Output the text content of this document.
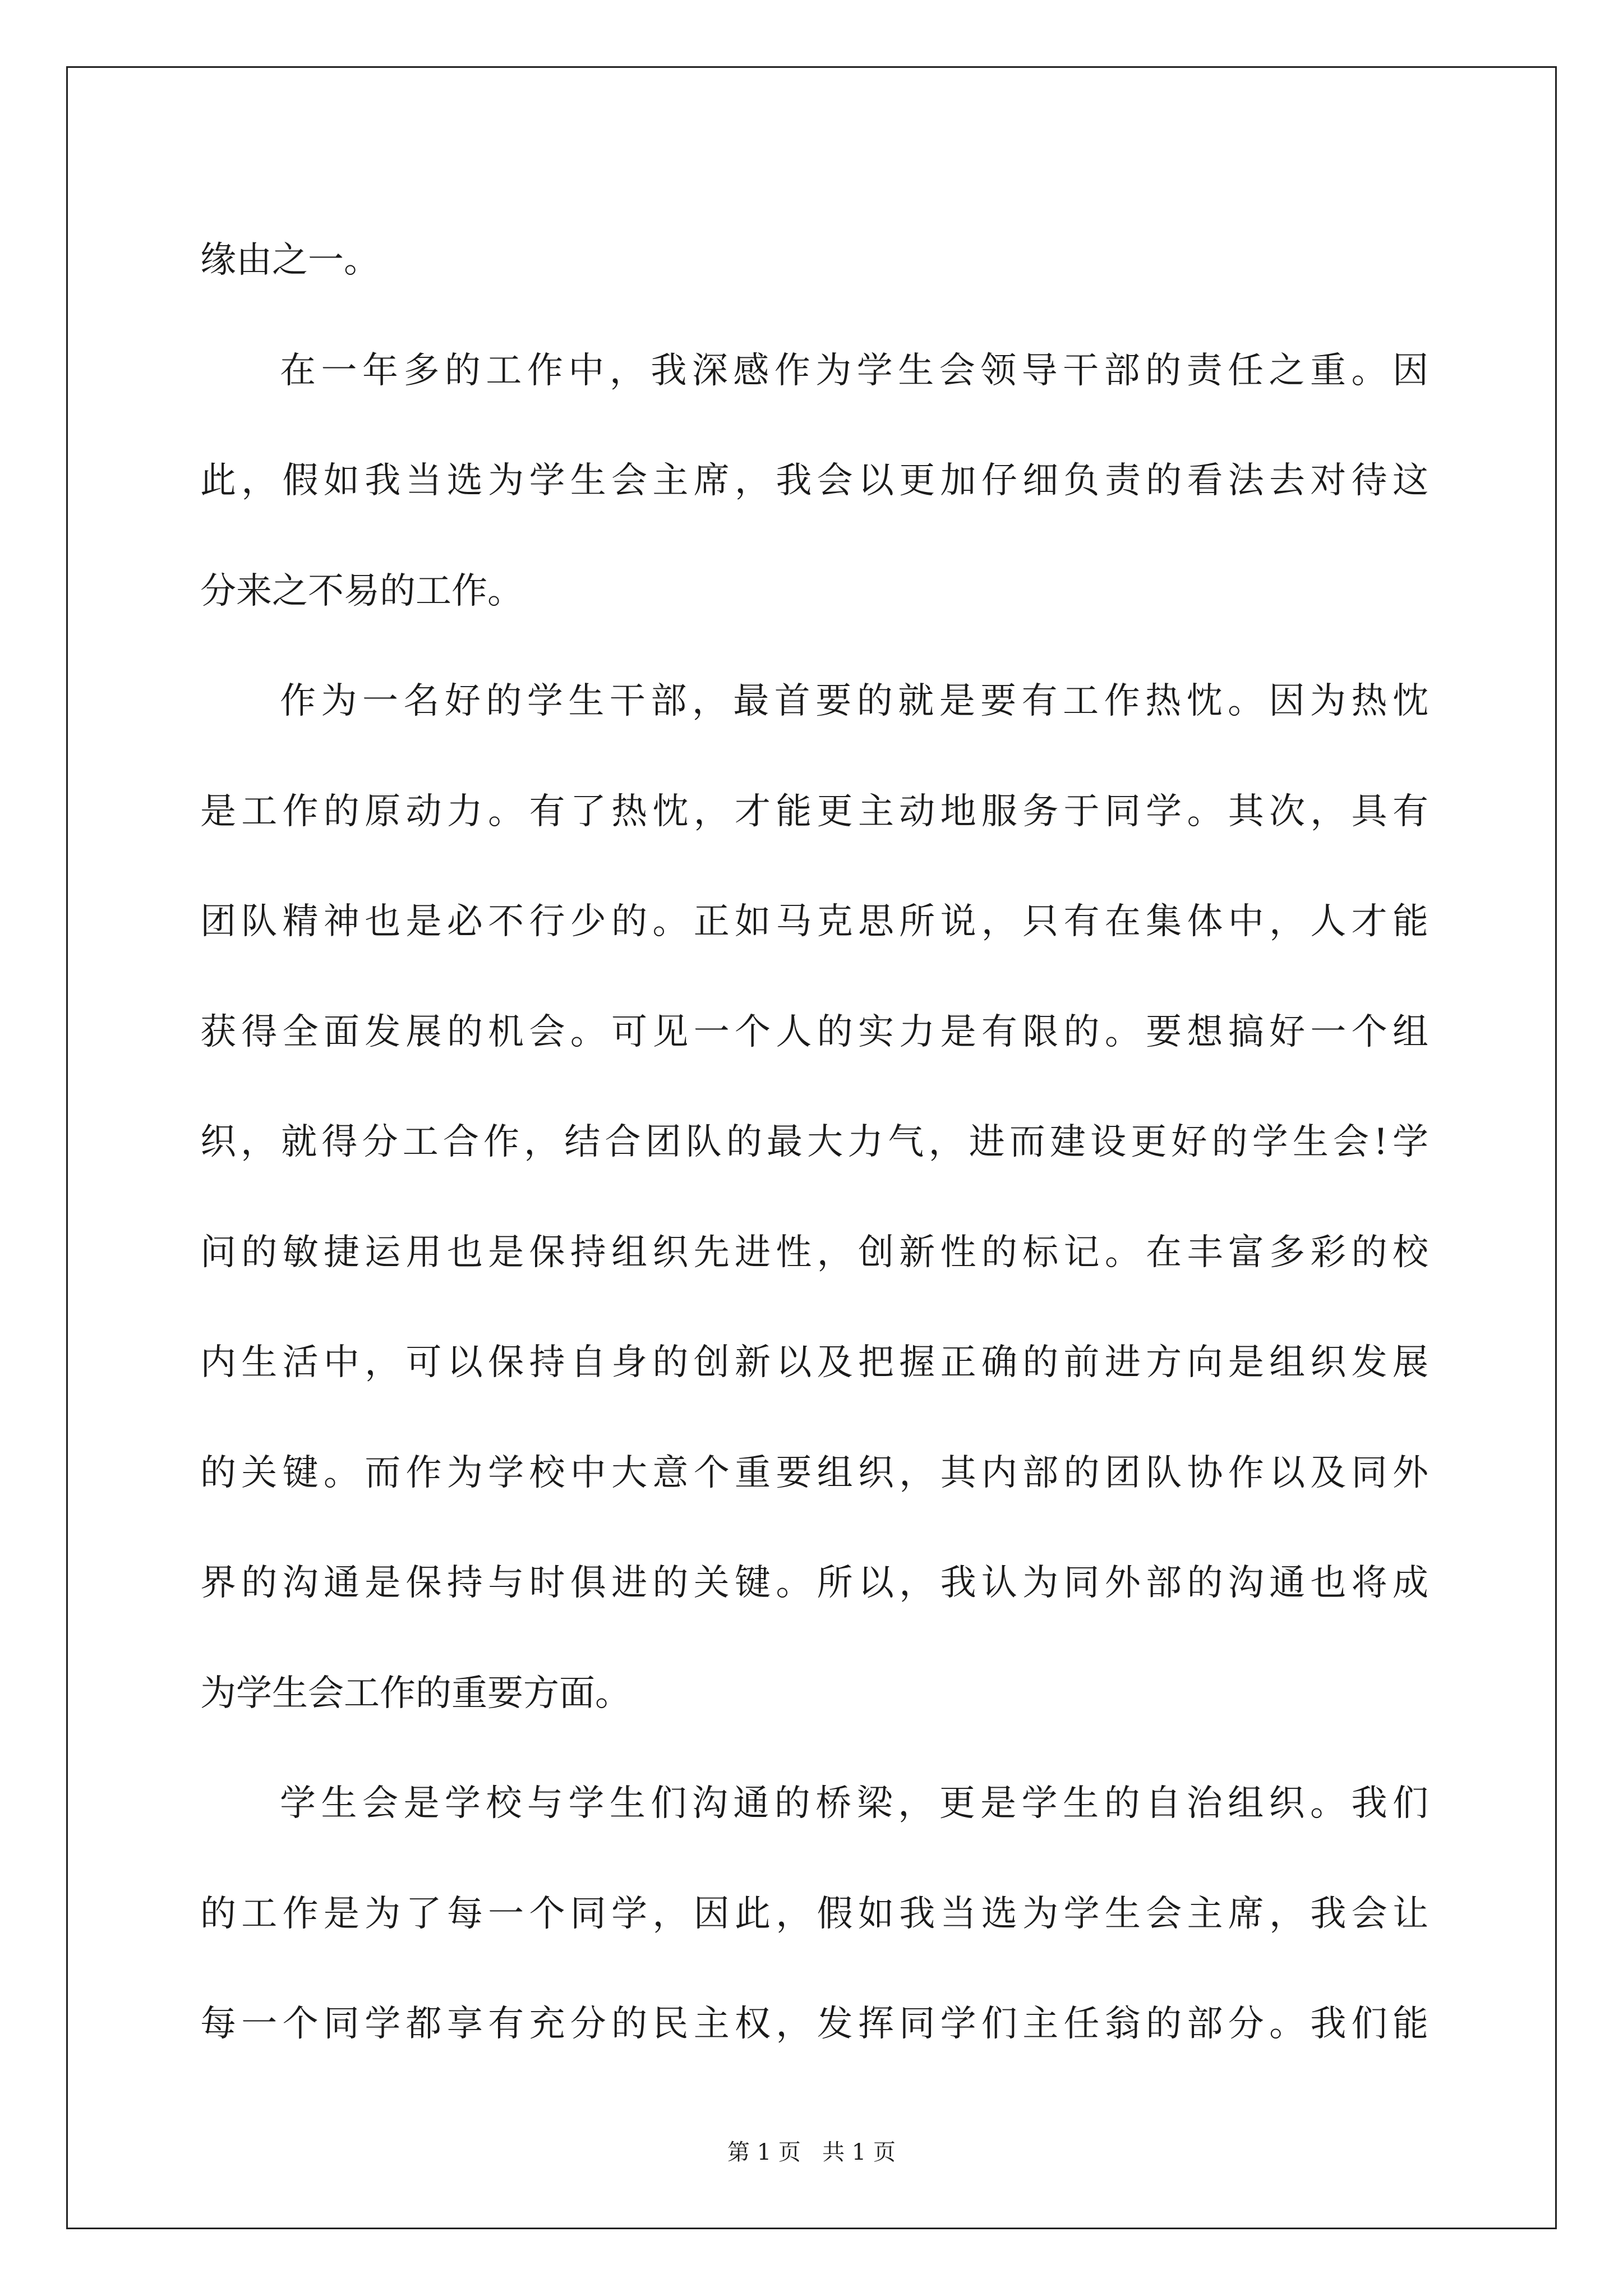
缘由之一。
在一年多的工作中，我深感作为学生会领导干部的责任之重。因
此，假如我当选为学生会主席，我会以更加仔细负责的看法去对待这
分来之不易的工作。
作为一名好的学生干部，最首要的就是要有工作热忱。因为热忱
是工作的原动力。有了热忱，才能更主动地服务于同学。其次，具有
团队精神也是必不行少的。正如马克思所说，只有在集体中，人才能
获得全面发展的机会。可见一个人的实力是有限的。要想搞好一个组
织，就得分工合作，结合团队的最大力气，进而建设更好的学生会!学
问的敏捷运用也是保持组织先进性，创新性的标记。在丰富多彩的校
内生活中，可以保持自身的创新以及把握正确的前进方向是组织发展
的关键。而作为学校中大意个重要组织，其内部的团队协作以及同外
界的沟通是保持与时俱进的关键。所以，我认为同外部的沟通也将成
为学生会工作的重要方面。
学生会是学校与学生们沟通的桥梁，更是学生的自治组织。我们
的工作是为了每一个同学，因此，假如我当选为学生会主席，我会让
每一个同学都享有充分的民主权，发挥同学们主任翁的部分。我们能
第 1 页   共 1 页
